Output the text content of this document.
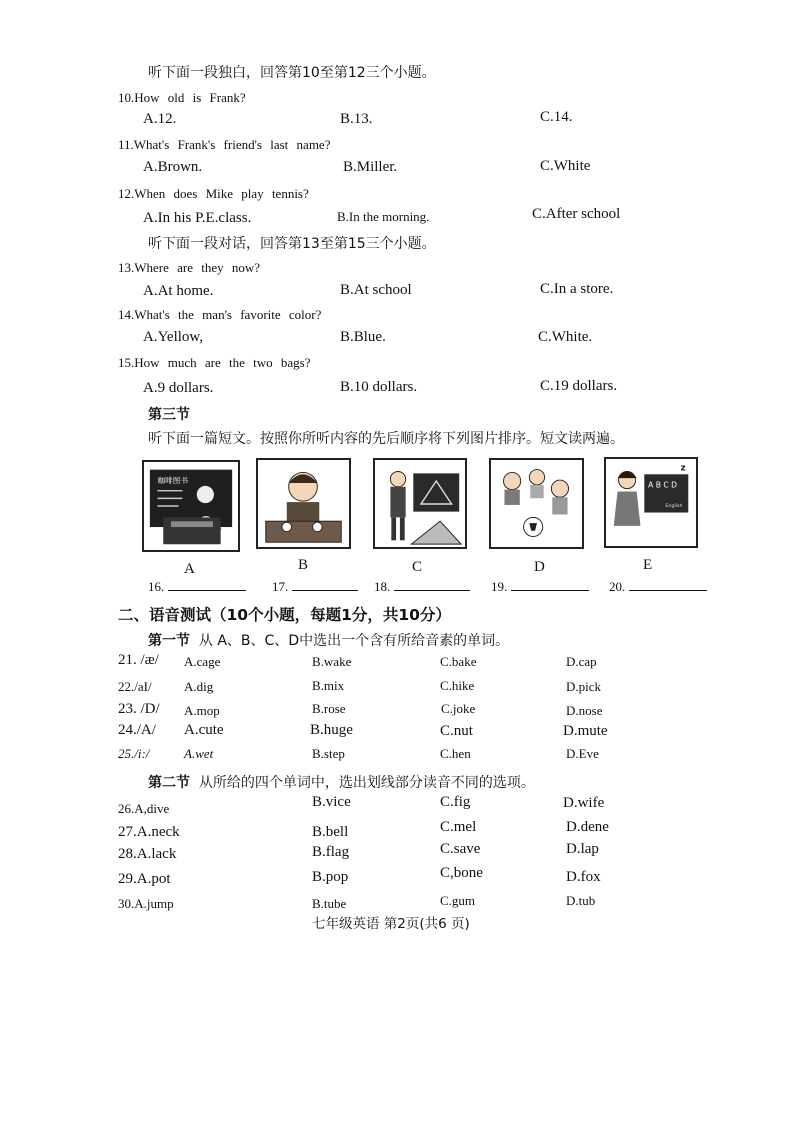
听下面一段独白，回答第10至第12三个小题。
10.How old is Frank?
A.12.	B.13.	C.14.
11.What's Frank's friend's last name?
A.Brown.	B.Miller.	C.White
12.When does Mike play tennis?
A.In his P.E.class.	B.In the morning.	C.After school
听下面一段对话，回答第13至第15三个小题。
13.Where are they now?
A.At home.	B.At school	C.In a store.
14.What's the man's favorite color?
A.Yellow,	B.Blue.	C.White.
15.How much are the two bags?
A.9 dollars.	B.10 dollars.	C.19 dollars.
第三节
听下面一篇短文。按照你所听内容的先后顺序将下列图片排序。短文读两遍。
咖啡图书
A B C D
English
z
A	B	C	D	E
16.	17.	18.	19.	20.
二、语音测试（10个小题，每题1分，共10分）
第一节 从 A、B、C、D中选出一个含有所给音素的单词。
21. /æ/ A.cage	B.wake	C.bake	D.cap
22./aI/ A.dig	B.mix	C.hike	D.pick
23. /D/ A.mop	B.rose	C.joke	D.nose
24./A/ A.cute	B.huge	C.nut	D.mute
25./i:/	A.wet	B.step	C.hen	D.Eve
第二节 从所给的四个单词中，选出划线部分读音不同的选项。
26.A,dive	B.vice	C.fig	D.wife
27.A.neck	B.bell	C.mel	D.dene
28.A.lack	B.flag	C.save	D.lap
29.A.pot	B.pop	C,bone	D.fox
30.A.jump	B.tube	C.gum	D.tub
七年级英语 第2页(共6 页)
